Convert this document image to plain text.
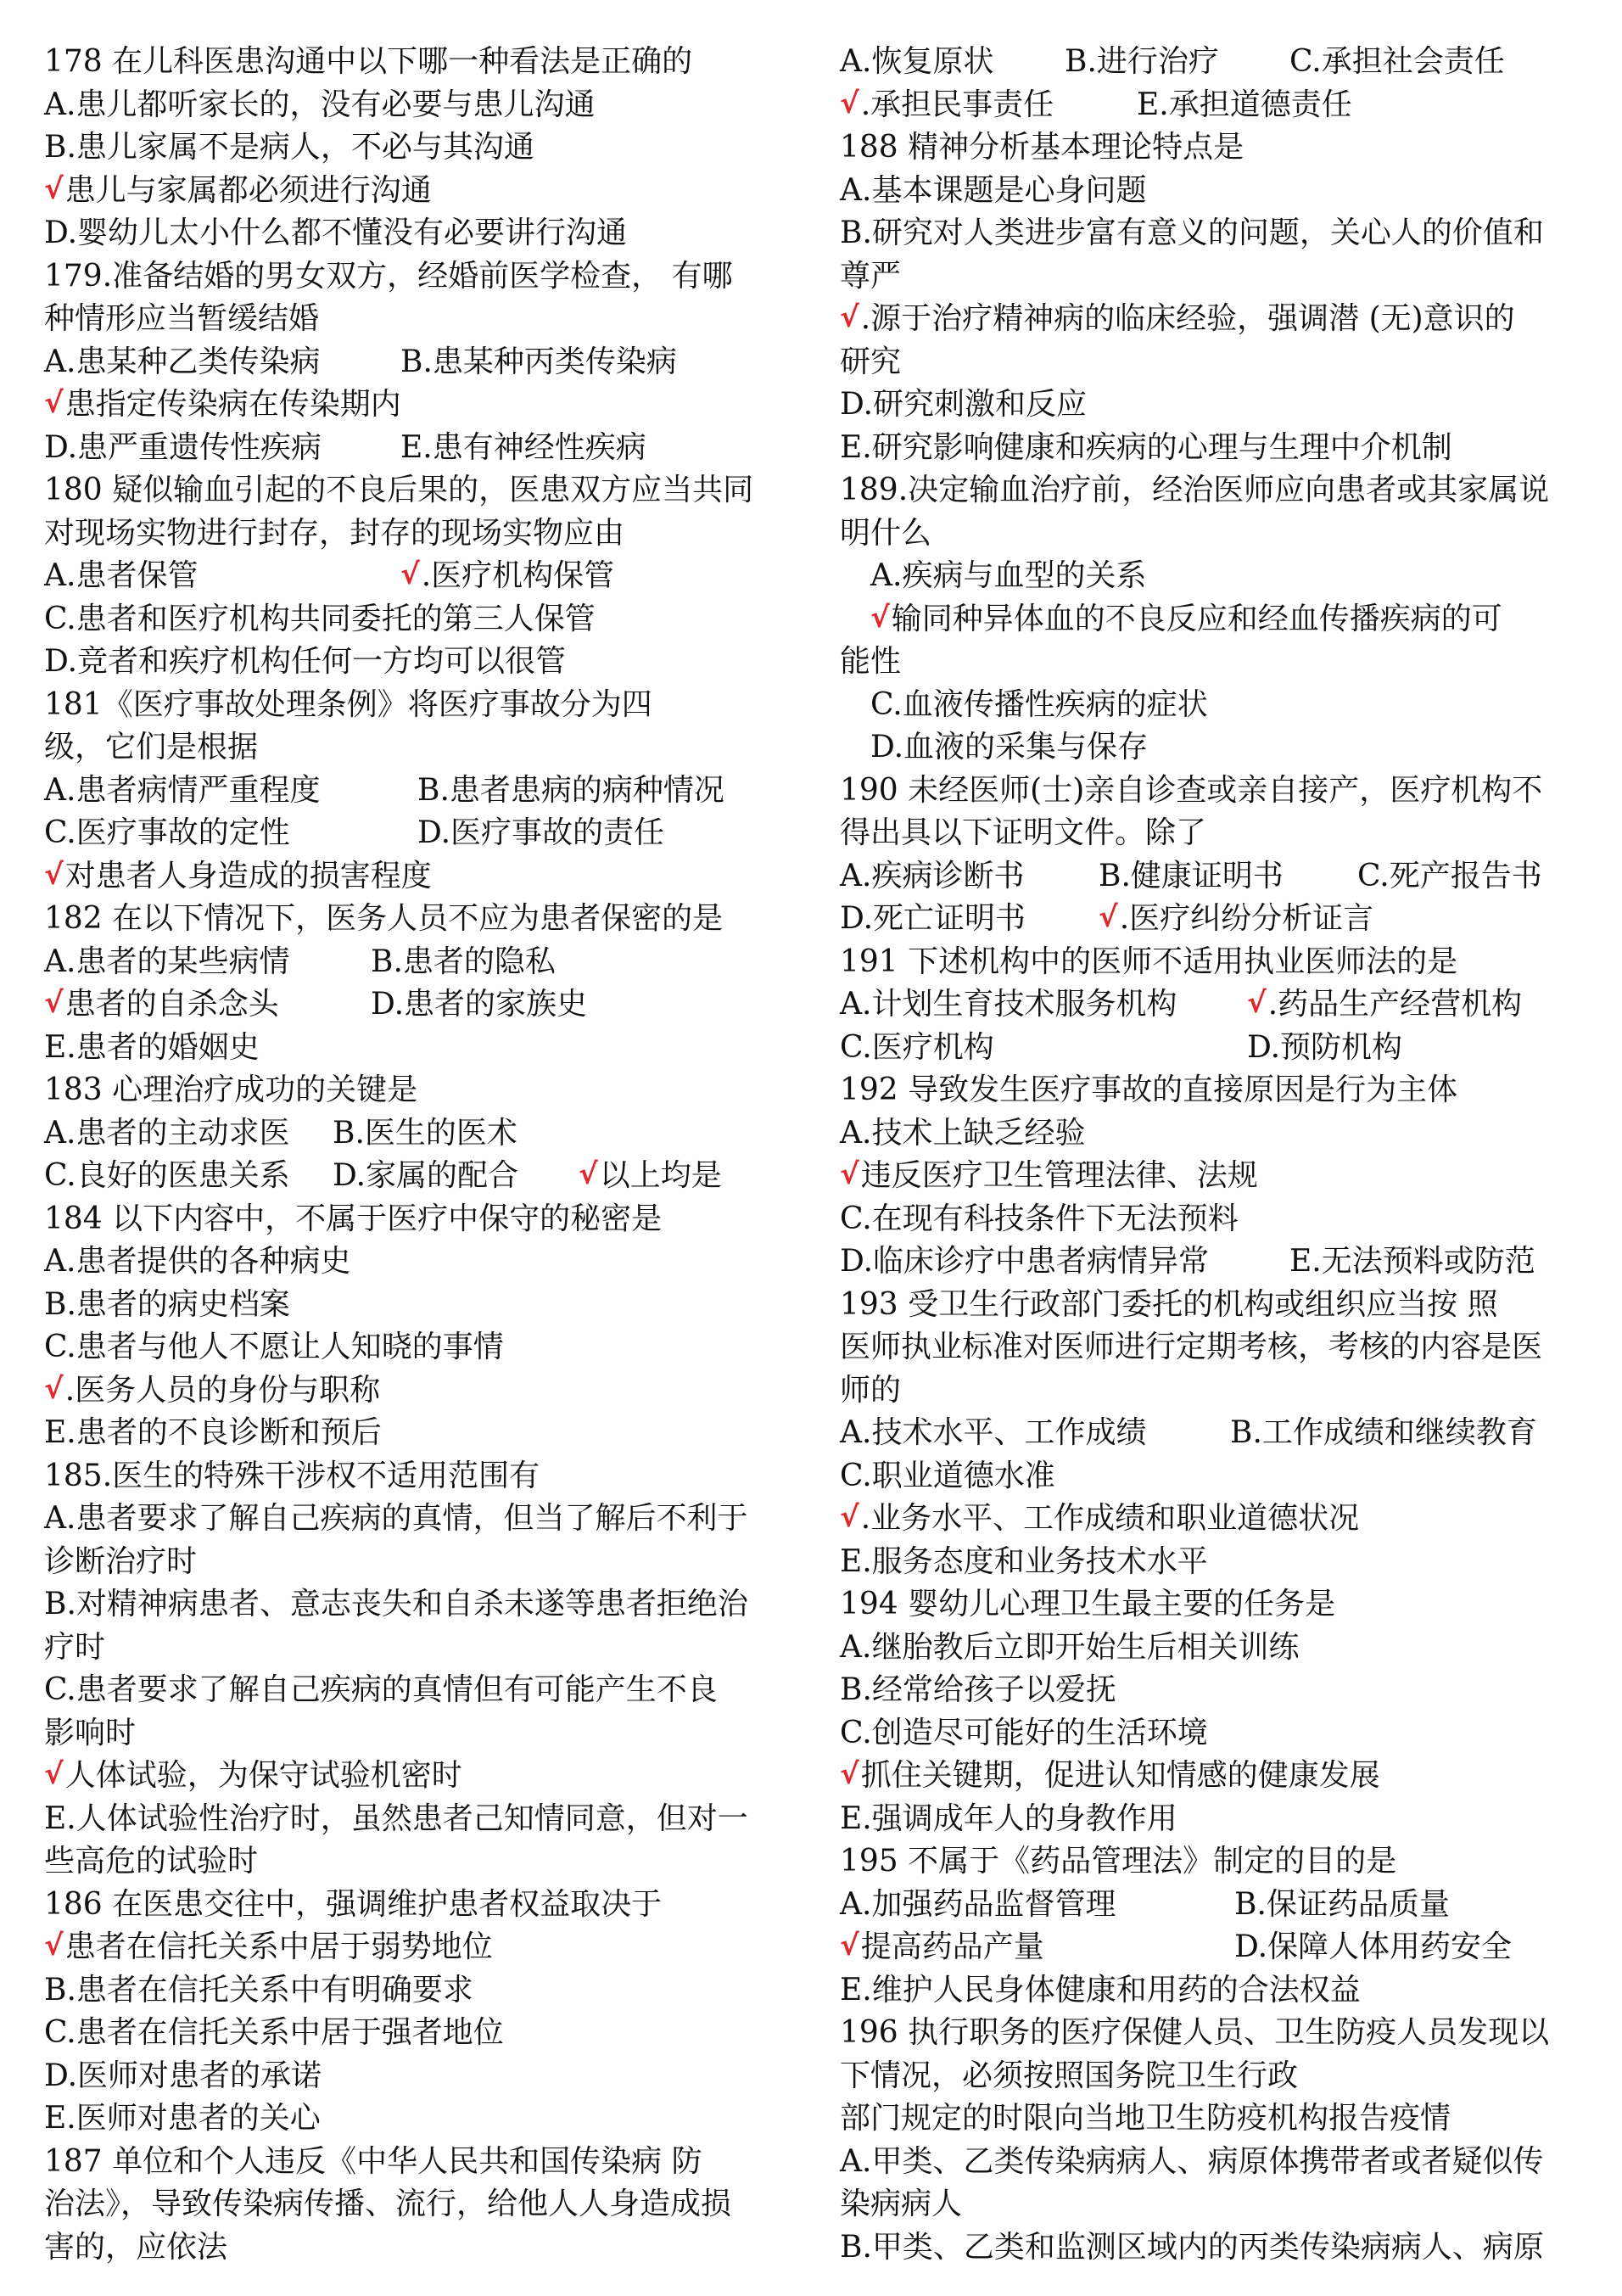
178 在儿科医患沟通中以下哪一种看法是正确的
A.患儿都听家长的，没有必要与患儿沟通
B.患儿家属不是病人，不必与其沟通
√患儿与家属都必须进行沟通
D.婴幼儿太小什么都不懂没有必要讲行沟通
179.准备结婚的男女双方，经婚前医学检查， 有哪
种情形应当暂缓结婚
A.患某种乙类传染病	B.患某种丙类传染病
√患指定传染病在传染期内
D.患严重遗传性疾病	E.患有神经性疾病
180 疑似输血引起的不良后果的，医患双方应当共同
对现场实物进行封存，封存的现场实物应由
A.患者保管	√.医疗机构保管
C.患者和医疗机构共同委托的第三人保管
D.竞者和疾疗机构任何一方均可以很管
181《医疗事故处理条例》将医疗事故分为四
级，它们是根据
A.患者病情严重程度	B.患者患病的病种情况
C.医疗事故的定性	D.医疗事故的责任
√对患者人身造成的损害程度
182 在以下情况下，医务人员不应为患者保密的是
A.患者的某些病情	B.患者的隐私
√患者的自杀念头	D.患者的家族史
E.患者的婚姻史
183 心理治疗成功的关键是
A.患者的主动求医	B.医生的医术
C.良好的医患关系	D.家属的配合	√以上均是
184 以下内容中，不属于医疗中保守的秘密是
A.患者提供的各种病史
B.患者的病史档案
C.患者与他人不愿让人知晓的事情
√.医务人员的身份与职称
E.患者的不良诊断和预后
185.医生的特殊干涉权不适用范围有
A.患者要求了解自己疾病的真情，但当了解后不利于
诊断治疗时
B.对精神病患者、意志丧失和自杀未遂等患者拒绝治
疗时
C.患者要求了解自己疾病的真情但有可能产生不良
影响时
√人体试验，为保守试验机密时
E.人体试验性治疗时，虽然患者己知情同意，但对一
些高危的试验时
186 在医患交往中，强调维护患者权益取决于
√患者在信托关系中居于弱势地位
B.患者在信托关系中有明确要求
C.患者在信托关系中居于强者地位
D.医师对患者的承诺
E.医师对患者的关心
187 单位和个人违反《中华人民共和国传染病 防
治法》，导致传染病传播、流行，给他人人身造成损
害的，应依法
A.恢复原状	B.进行治疗	C.承担社会责任
√.承担民事责任	E.承担道德责任
188 精神分析基本理论特点是
A.基本课题是心身问题
B.研究对人类进步富有意义的问题，关心人的价值和
尊严
√.源于治疗精神病的临床经验，强调潜 (无)意识的
研究
D.研究刺激和反应
E.研究影响健康和疾病的心理与生理中介机制
189.决定输血治疗前，经治医师应向患者或其家属说
明什么
A.疾病与血型的关系
√输同种异体血的不良反应和经血传播疾病的可
能性
C.血液传播性疾病的症状
D.血液的采集与保存
190 未经医师(士)亲自诊查或亲自接产，医疗机构不
得出具以下证明文件。除了
A.疾病诊断书	B.健康证明书	C.死产报告书
D.死亡证明书	√.医疗纠纷分析证言
191 下述机构中的医师不适用执业医师法的是
A.计划生育技术服务机构	√.药品生产经营机构
C.医疗机构	D.预防机构
192 导致发生医疗事故的直接原因是行为主体
A.技术上缺乏经验
√违反医疗卫生管理法律、法规
C.在现有科技条件下无法预料
D.临床诊疗中患者病情异常	E.无法预料或防范
193 受卫生行政部门委托的机构或组织应当按 照
医师执业标准对医师进行定期考核，考核的内容是医
师的
A.技术水平、工作成绩	B.工作成绩和继续教育
C.职业道德水准
√.业务水平、工作成绩和职业道德状况
E.服务态度和业务技术水平
194 婴幼儿心理卫生最主要的任务是
A.继胎教后立即开始生后相关训练
B.经常给孩子以爱抚
C.创造尽可能好的生活环境
√抓住关键期，促进认知情感的健康发展
E.强调成年人的身教作用
195 不属于《药品管理法》制定的目的是
A.加强药品监督管理	B.保证药品质量
√提高药品产量	D.保障人体用药安全
E.维护人民身体健康和用药的合法权益
196 执行职务的医疗保健人员、卫生防疫人员发现以
下情况，必须按照国务院卫生行政
部门规定的时限向当地卫生防疫机构报告疫情
A.甲类、乙类传染病病人、病原体携带者或者疑似传
染病病人
B.甲类、乙类和监测区域内的丙类传染病病人、病原
